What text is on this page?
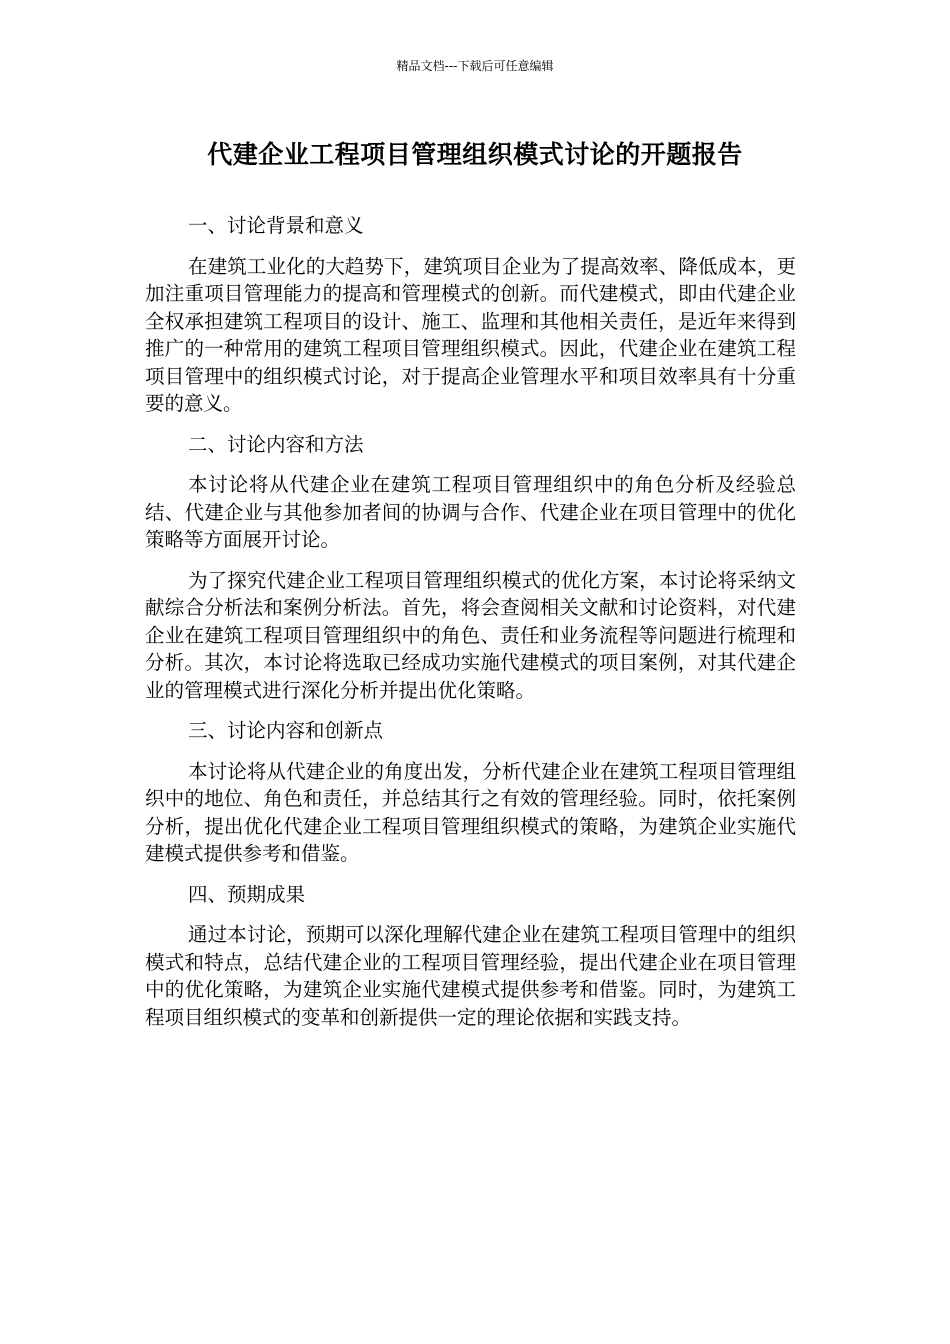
精品文档---下载后可任意编辑
代建企业工程项目管理组织模式讨论的开题报告

一、讨论背景和意义

在建筑工业化的大趋势下，建筑项目企业为了提高效率、降低成本，更加注重项目管理能力的提高和管理模式的创新。而代建模式，即由代建企业全权承担建筑工程项目的设计、施工、监理和其他相关责任，是近年来得到推广的一种常用的建筑工程项目管理组织模式。因此，代建企业在建筑工程项目管理中的组织模式讨论，对于提高企业管理水平和项目效率具有十分重要的意义。

二、讨论内容和方法

本讨论将从代建企业在建筑工程项目管理组织中的角色分析及经验总结、代建企业与其他参加者间的协调与合作、代建企业在项目管理中的优化策略等方面展开讨论。

为了探究代建企业工程项目管理组织模式的优化方案，本讨论将采纳文献综合分析法和案例分析法。首先，将会查阅相关文献和讨论资料，对代建企业在建筑工程项目管理组织中的角色、责任和业务流程等问题进行梳理和分析。其次，本讨论将选取已经成功实施代建模式的项目案例，对其代建企业的管理模式进行深化分析并提出优化策略。

三、讨论内容和创新点

本讨论将从代建企业的角度出发，分析代建企业在建筑工程项目管理组织中的地位、角色和责任，并总结其行之有效的管理经验。同时，依托案例分析，提出优化代建企业工程项目管理组织模式的策略，为建筑企业实施代建模式提供参考和借鉴。

四、预期成果

通过本讨论，预期可以深化理解代建企业在建筑工程项目管理中的组织模式和特点，总结代建企业的工程项目管理经验，提出代建企业在项目管理中的优化策略，为建筑企业实施代建模式提供参考和借鉴。同时，为建筑工程项目组织模式的变革和创新提供一定的理论依据和实践支持。
